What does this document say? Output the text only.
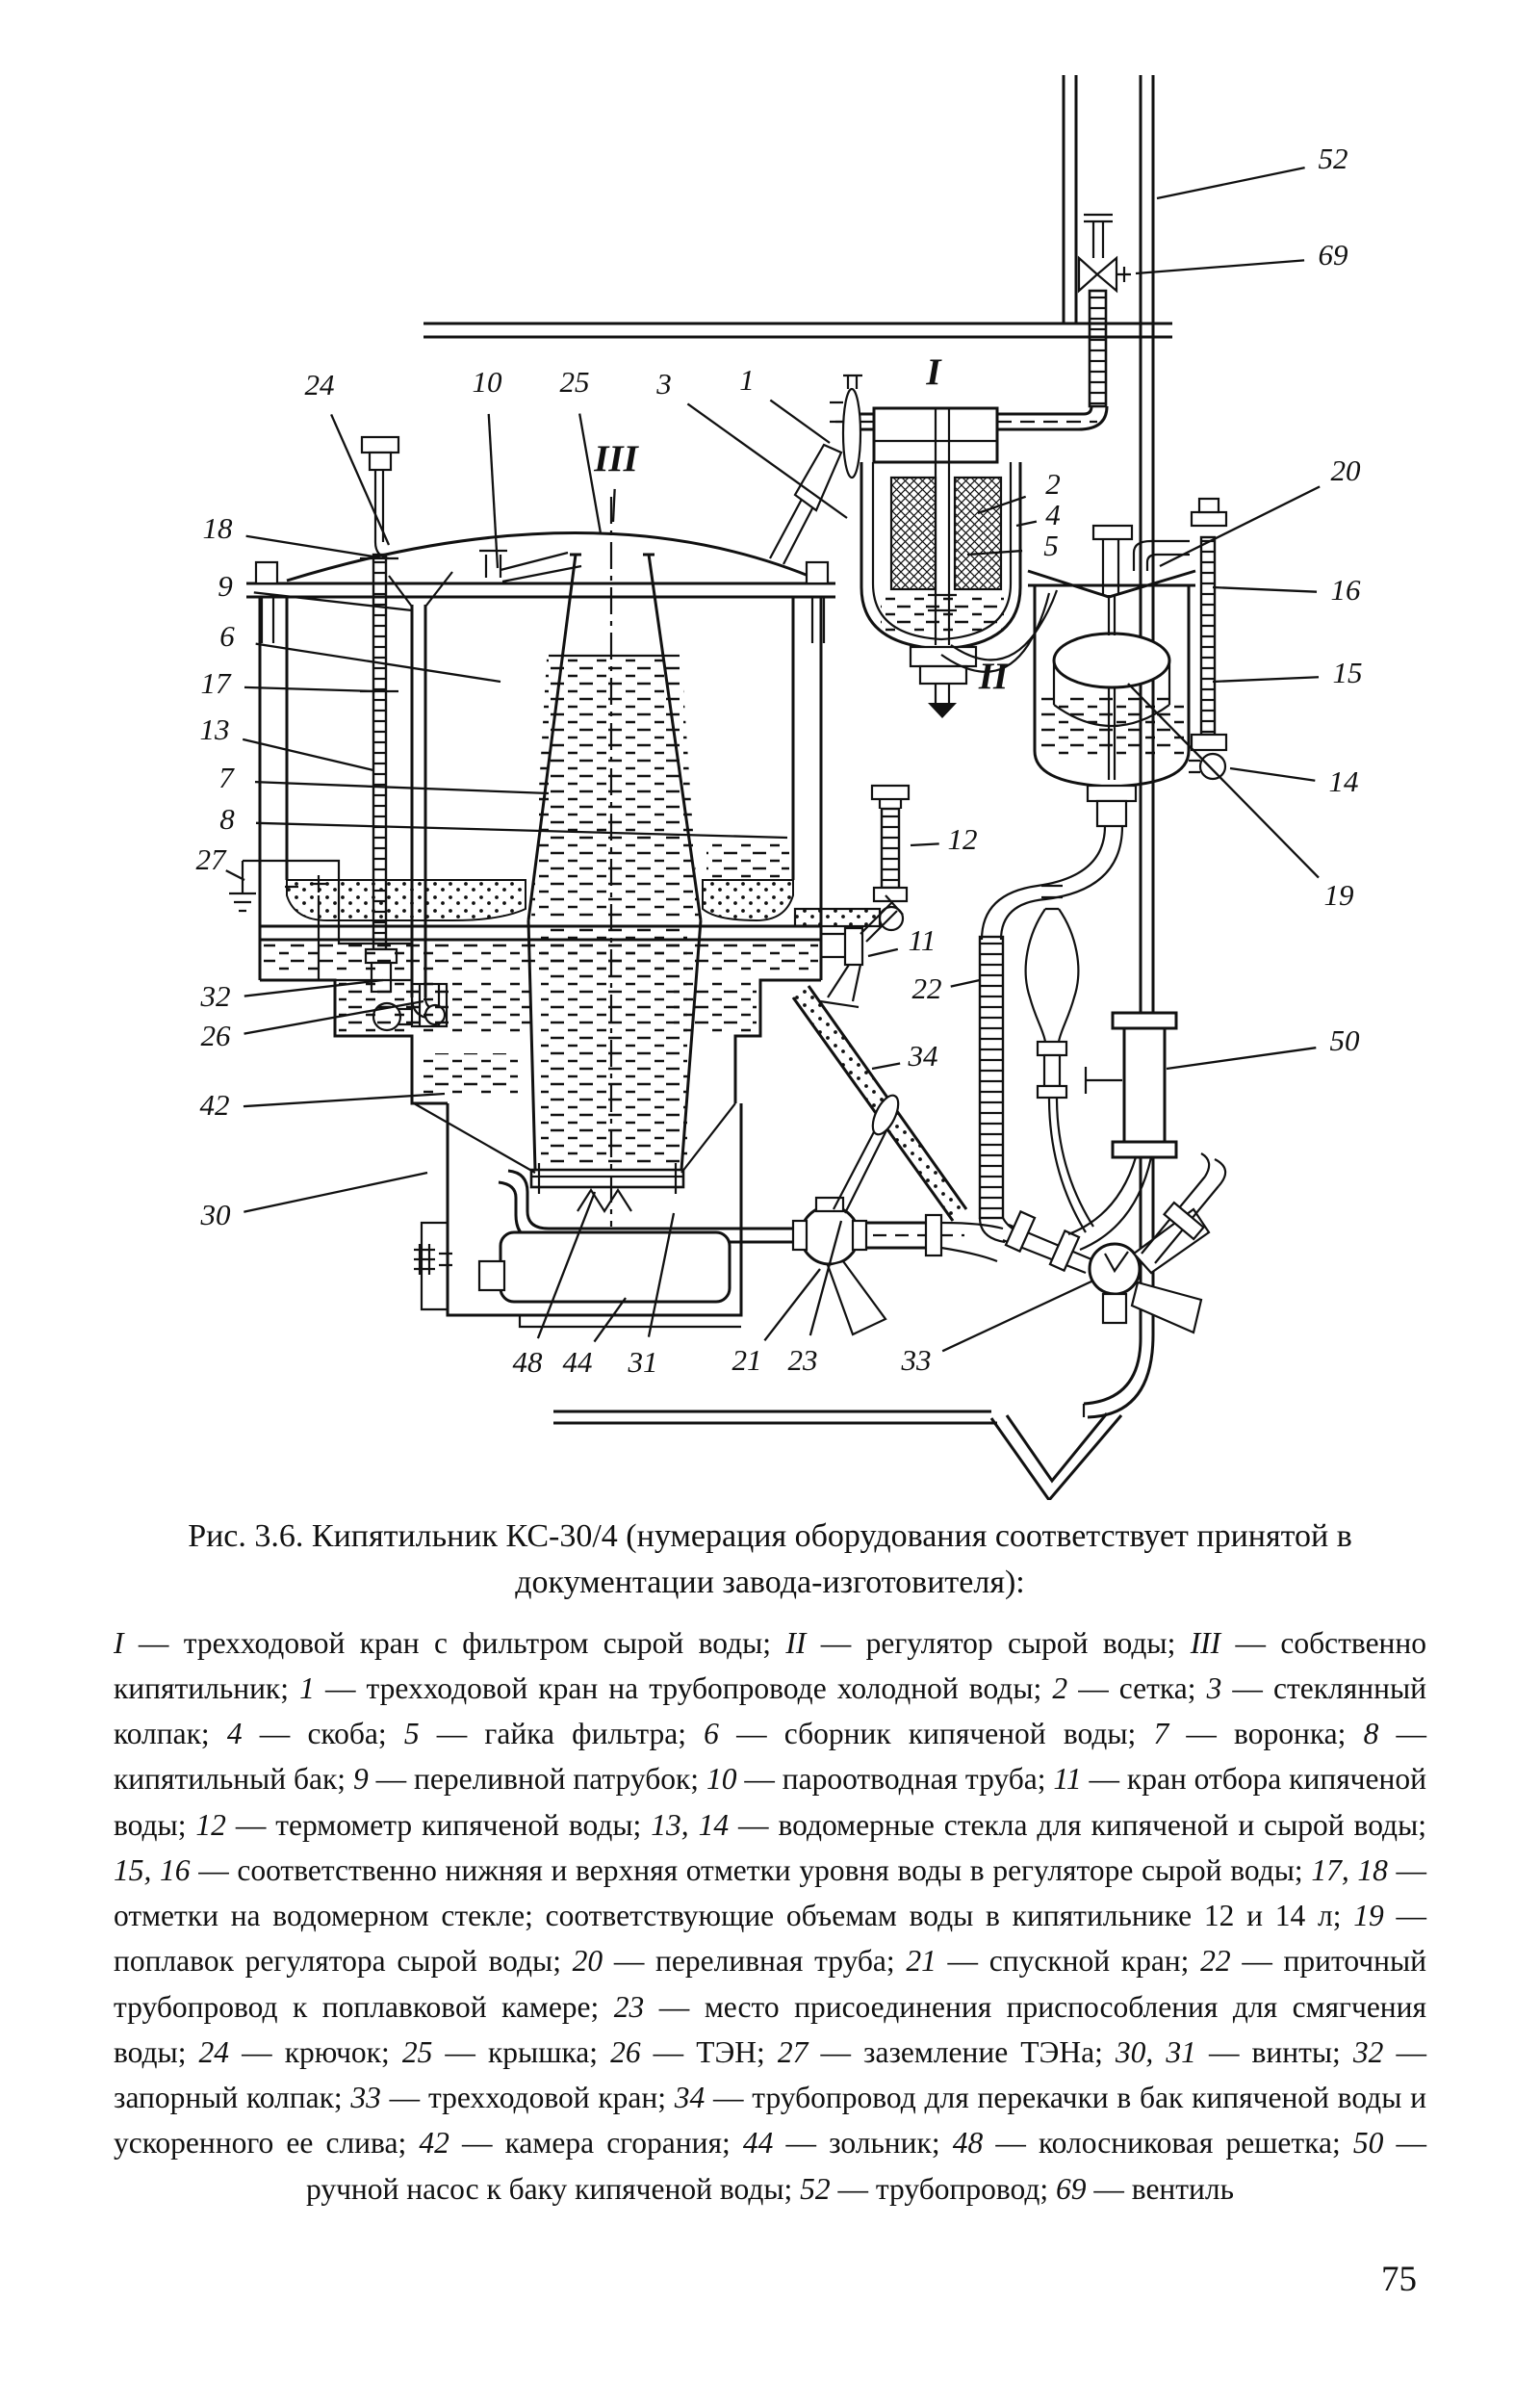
52
69
24	10 25 3 1	I
III	20
2
4
5
18
9
6
16
15
17
13
II
7	14
8
12
27
19
11
32	22
26	50
42
34
30
48 44 31 21 23	33

Рис. 3.6. Кипятильник КС-30/4 (нумерация оборудования соответствует принятой в документации завода-изготовителя):

I — трехходовой кран с фильтром сырой воды; II — регулятор сырой воды; III — собственно кипятильник; 1 — трехходовой кран на трубопроводе холодной воды; 2 — сетка; 3 — стеклянный колпак; 4 — скоба; 5 — гайка фильтра; 6 — сборник кипяченой воды; 7 — воронка; 8 — кипятильный бак; 9 — переливной патрубок; 10 — пароотводная труба; 11 — кран отбора кипяченой воды; 12 — термометр кипяченой воды; 13, 14 — водомерные стекла для кипяченой и сырой воды; 15, 16 — соответственно нижняя и верхняя отметки уровня воды в регуляторе сырой воды; 17, 18 — отметки на водомерном стекле; соответствующие объемам воды в кипятильнике 12 и 14 л; 19 — поплавок регулятора сырой воды; 20 — переливная труба; 21 — спускной кран; 22 — приточный трубопровод к поплавковой камере; 23 — место присоединения приспособления для смягчения воды; 24 — крючок; 25 — крышка; 26 — ТЭН; 27 — заземление ТЭНа; 30, 31 — винты; 32 — запорный колпак; 33 — трехходовой кран; 34 — трубопровод для перекачки в бак кипяченой воды и ускоренного ее слива; 42 — камера сгорания; 44 — зольник; 48 — колосниковая решетка; 50 — ручной насос к баку кипяченой воды; 52 — трубопровод; 69 — вентиль

75
